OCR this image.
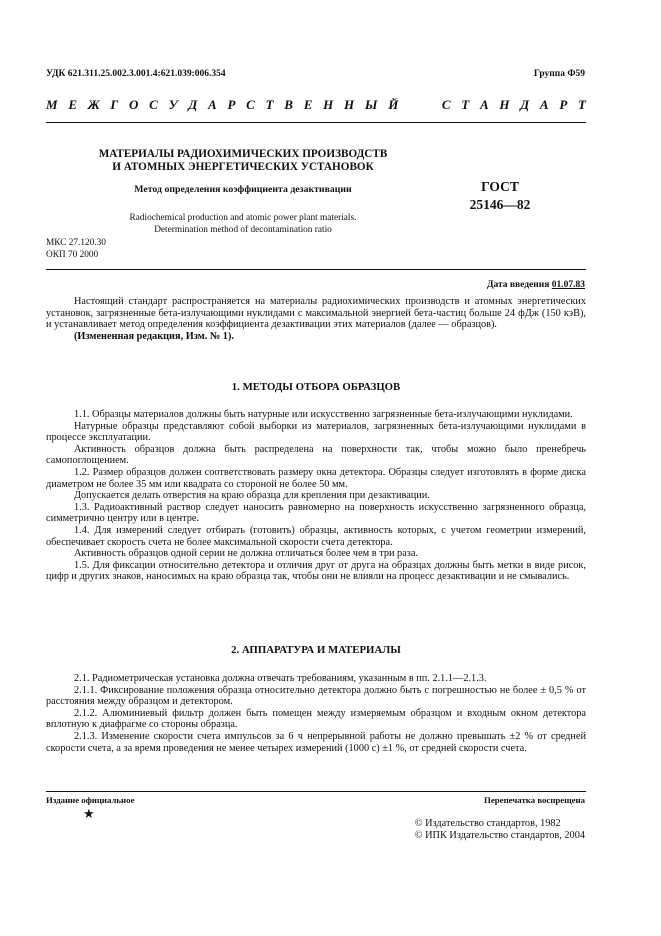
УДК 621.311.25.002.3.001.4:621.039:006.354	Группа Ф59
М Е Ж Г О С У Д А Р С Т В Е Н Н Ы Й	С Т А Н Д А Р Т
МАТЕРИАЛЫ РАДИОХИМИЧЕСКИХ ПРОИЗВОДСТВ
И АТОМНЫХ ЭНЕРГЕТИЧЕСКИХ УСТАНОВОК
Метод определения коэффициента дезактивации
Radiochemical production and atomic power plant materials.
Determination method of decontamination ratio
ГОСТ
25146—82
МКС 27.120.30
ОКП 70 2000
Дата введения 01.07.83

Настоящий стандарт распространяется на материалы радиохимических производств и атомных энергетических установок, загрязненные бета-излучающими нуклидами с максимальной энергией бета-частиц больше 24 фДж (150 кэВ), и устанавливает метод определения коэффициента дезактивации этих материалов (далее — образцов).

(Измененная редакция, Изм. № 1).

1. МЕТОДЫ ОТБОРА ОБРАЗЦОВ

1.1. Образцы материалов должны быть натурные или искусственно загрязненные бета-излучающими нуклидами.

Натурные образцы представляют собой выборки из материалов, загрязненных бета-излучающими нуклидами в процессе эксплуатации.

Активность образцов должна быть распределена на поверхности так, чтобы можно было пренебречь самопоглощением.

1.2. Размер образцов должен соответствовать размеру окна детектора. Образцы следует изготовлять в форме диска диаметром не более 35 мм или квадрата со стороной не более 50 мм.

Допускается делать отверстия на краю образца для крепления при дезактивации.

1.3. Радиоактивный раствор следует наносить равномерно на поверхность искусственно загрязненного образца, симметрично центру или в центре.

1.4. Для измерений следует отбирать (готовить) образцы, активность которых, с учетом геометрии измерений, обеспечивает скорость счета не более максимальной скорости счета детектора.

Активность образцов одной серии не должна отличаться более чем в три раза.

1.5. Для фиксации относительно детектора и отличия друг от друга на образцах должны быть метки в виде рисок, цифр и других знаков, наносимых на краю образца так, чтобы они не влияли на процесс дезактивации и не смывались.

2. АППАРАТУРА И МАТЕРИАЛЫ

2.1. Радиометрическая установка должна отвечать требованиям, указанным в пп. 2.1.1—2.1.3.

2.1.1. Фиксирование положения образца относительно детектора должно быть с погрешностью не более ± 0,5 % от расстояния между образцом и детектором.

2.1.2. Алюминиевый фильтр должен быть помещен между измеряемым образцом и входным окном детектора вплотную к диафрагме со стороны образца.

2.1.3. Изменение скорости счета импульсов за 6 ч непрерывной работы не должно превышать ±2 % от средней скорости счета, а за время проведения не менее четырех измерений (1000 с) ±1 %, от средней скорости счета.

Издание официальное	Перепечатка воспрещена
★
© Издательство стандартов, 1982
© ИПК Издательство стандартов, 2004
